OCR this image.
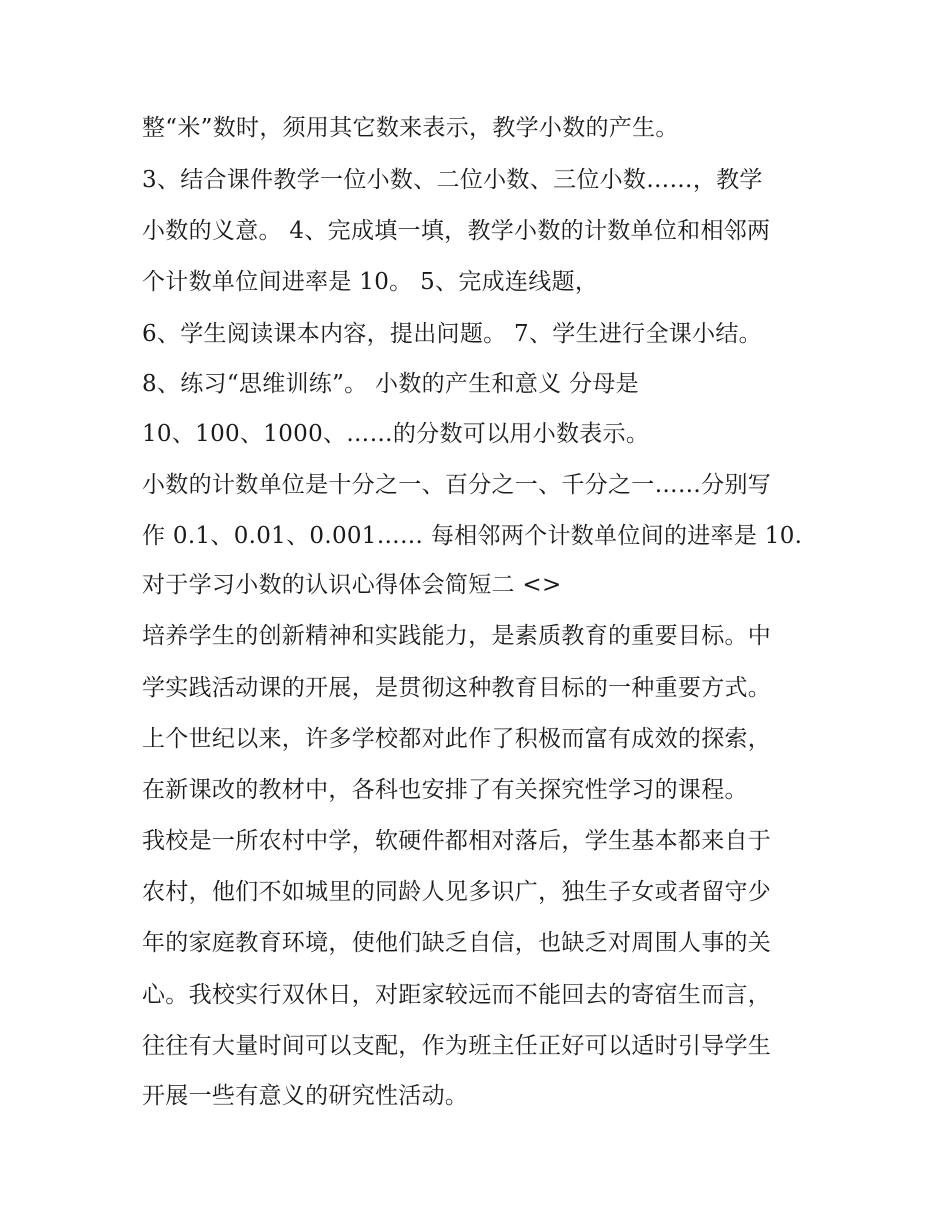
整“米”数时，须用其它数来表示，教学小数的产生。
3、结合课件教学一位小数、二位小数、三位小数……，教学
小数的义意。 4、完成填一填，教学小数的计数单位和相邻两
个计数单位间进率是 10。 5、完成连线题，
6、学生阅读课本内容，提出问题。 7、学生进行全课小结。
8、练习“思维训练”。 小数的产生和意义 分母是
10、100、1000、……的分数可以用小数表示。
小数的计数单位是十分之一、百分之一、千分之一……分别写
作 0.1、0.01、0.001…… 每相邻两个计数单位间的进率是 10.
对于学习小数的认识心得体会简短二 <>
培养学生的创新精神和实践能力，是素质教育的重要目标。中
学实践活动课的开展，是贯彻这种教育目标的一种重要方式。
上个世纪以来，许多学校都对此作了积极而富有成效的探索，
在新课改的教材中，各科也安排了有关探究性学习的课程。
我校是一所农村中学，软硬件都相对落后，学生基本都来自于
农村，他们不如城里的同龄人见多识广，独生子女或者留守少
年的家庭教育环境，使他们缺乏自信，也缺乏对周围人事的关
心。我校实行双休日，对距家较远而不能回去的寄宿生而言，
往往有大量时间可以支配，作为班主任正好可以适时引导学生
开展一些有意义的研究性活动。
